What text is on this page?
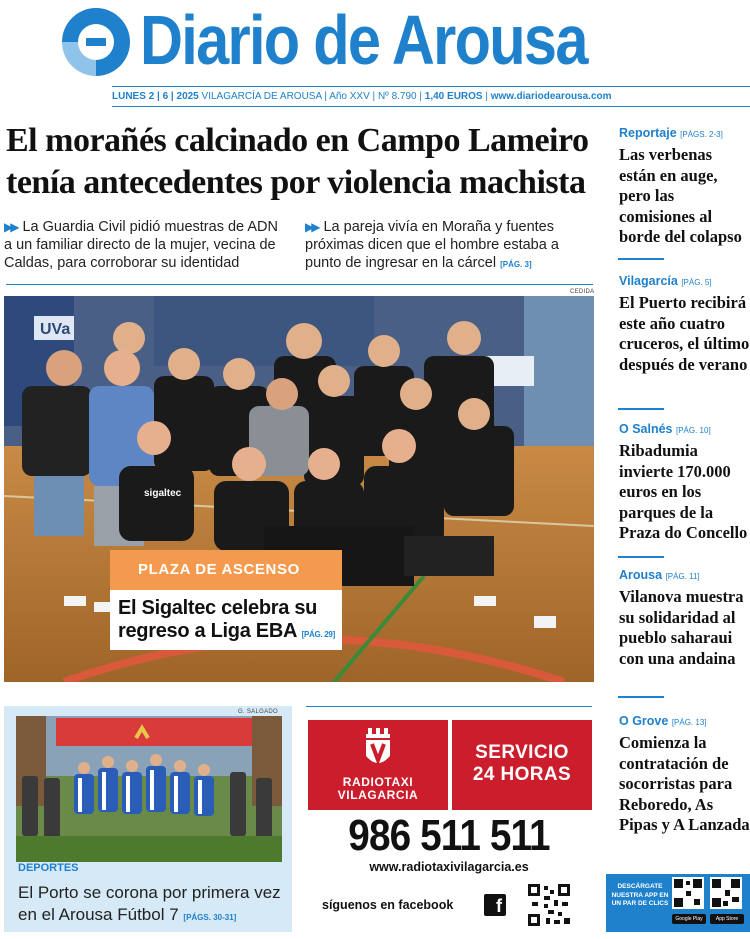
Diario de Arousa
LUNES 2 | 6 | 2025 VILAGARCÍA DE AROUSA | Año XXV | Nº 8.790 | 1,40 EUROS | www.diariodearousa.com
El morañés calcinado en Campo Lameiro tenía antecedentes por violencia machista
▶▶ La Guardia Civil pidió muestras de ADN a un familiar directo de la mujer, vecina de Caldas, para corroborar su identidad
▶▶ La pareja vivía en Moraña y fuentes próximas dicen que el hombre estaba a punto de ingresar en la cárcel [PÁG. 3]
CEDIDA
UVa
sigaltec
PLAZA DE ASCENSO
El Sigaltec celebra su regreso a Liga EBA [PÁG. 29]
Reportaje [PÁGS. 2-3]
Las verbenas están en auge, pero las comisiones al borde del colapso
Vilagarcía [PÁG. 5]
El Puerto recibirá este año cuatro cruceros, el último después de verano
O Salnés [PÁG. 10]
Ribadumia invierte 170.000 euros en los parques de la Praza do Concello
Arousa [PÁG. 11]
Vilanova muestra su solidaridad al pueblo saharaui con una andaina
O Grove [PÁG. 13]
Comienza la contratación de socorristas para Reboredo, As Pipas y A Lanzada
G. SALGADO
DEPORTES
El Porto se corona por primera vez en el Arousa Fútbol 7 [PÁGS. 30-31]
RADIOTAXI
VILAGARCIA
SERVICIO
24 HORAS
986 511 511
www.radiotaxivilagarcia.es
síguenos en facebook	f
DESCÁRGATE NUESTRA APP EN UN PAR DE CLICS
Google Play	App Store
